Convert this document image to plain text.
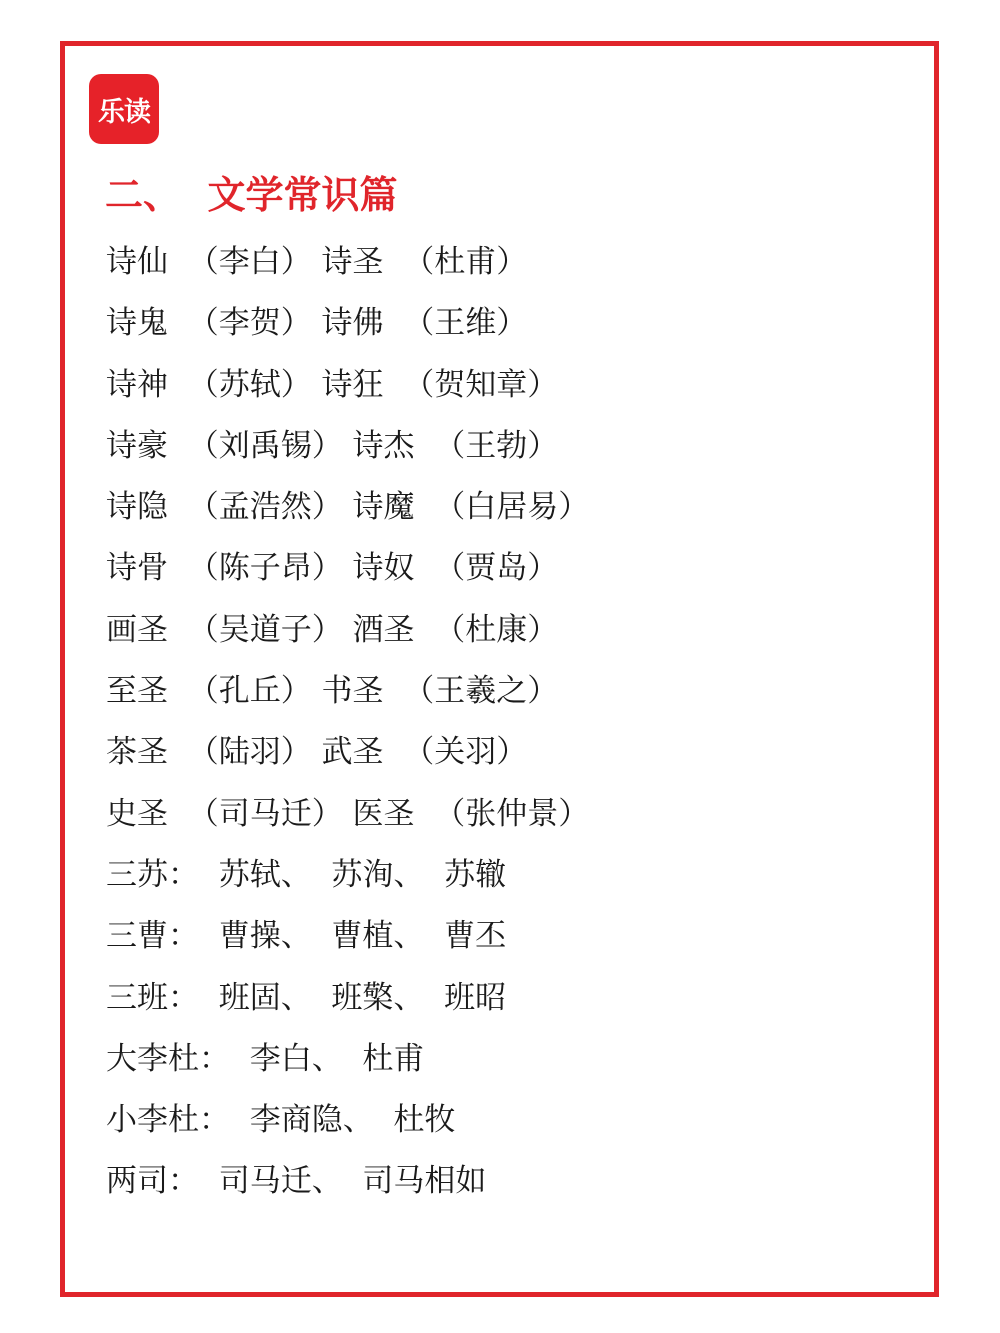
乐读
二、  文学常识篇
诗仙  （李白） 诗圣  （杜甫）
诗鬼  （李贺） 诗佛  （王维）
诗神  （苏轼） 诗狂  （贺知章）
诗豪  （刘禹锡） 诗杰  （王勃）
诗隐  （孟浩然） 诗魔  （白居易）
诗骨  （陈子昂） 诗奴  （贾岛）
画圣  （吴道子） 酒圣  （杜康）
至圣  （孔丘） 书圣  （王羲之）
茶圣  （陆羽） 武圣  （关羽）
史圣  （司马迁） 医圣  （张仲景）
三苏：  苏轼、  苏洵、  苏辙
三曹：  曹操、  曹植、  曹丕
三班：  班固、  班檠、  班昭
大李杜：  李白、  杜甫
小李杜：  李商隐、  杜牧
两司：  司马迁、  司马相如
